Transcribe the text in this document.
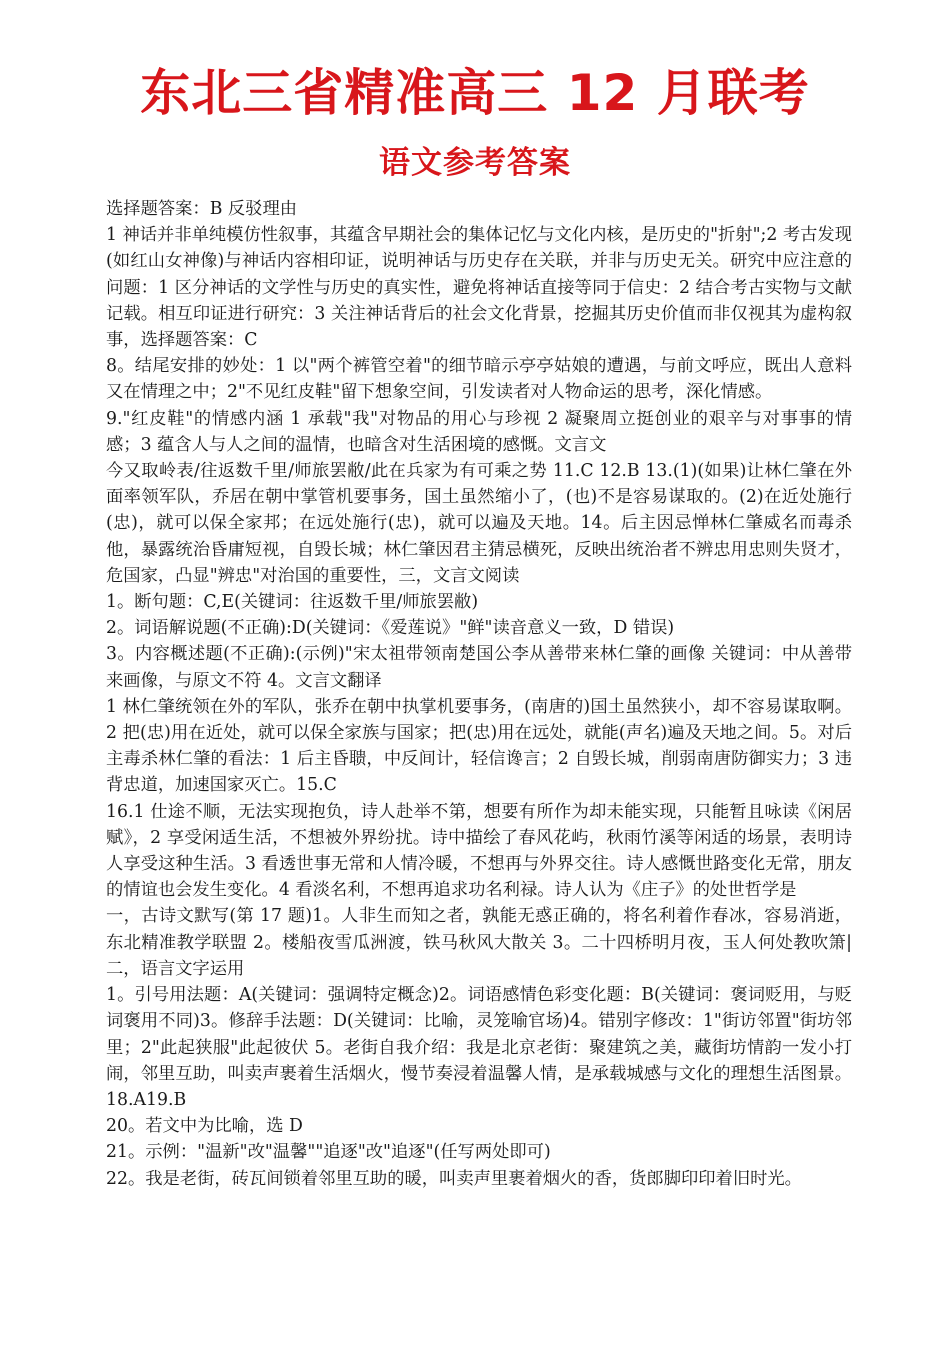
东北三省精准高三 12 月联考
语文参考答案

选择题答案：B 反驳理由

1 神话并非单纯模仿性叙事，其蕴含早期社会的集体记忆与文化内核，是历史的"折射";2 考古发现(如红山女神像)与神话内容相印证，说明神话与历史存在关联，并非与历史无关。研究中应注意的问题：1 区分神话的文学性与历史的真实性，避免将神话直接等同于信史：2 结合考古实物与文献记载。相互印证进行研究：3 关注神话背后的社会文化背景，挖掘其历史价值而非仅视其为虚构叙事，选择题答案：C

8。结尾安排的妙处：1 以"两个裤管空着"的细节暗示亭亭姑娘的遭遇，与前文呼应，既出人意料又在情理之中；2"不见红皮鞋"留下想象空间，引发读者对人物命运的思考，深化情感。

9."红皮鞋"的情感内涵 1 承载"我"对物品的用心与珍视 2 凝聚周立挺创业的艰辛与对事事的情感；3 蕴含人与人之间的温情，也暗含对生活困境的感慨。文言文

今又取岭表/往返数千里/师旅罢敝/此在兵家为有可乘之势 11.C 12.B 13.(1)(如果)让林仁肇在外面率领军队，乔居在朝中掌管机要事务，国土虽然缩小了，(也)不是容易谋取的。(2)在近处施行(忠)，就可以保全家邦；在远处施行(忠)，就可以遍及天地。14。后主因忌惮林仁肇威名而毒杀他，暴露统治昏庸短视，自毁长城；林仁肇因君主猜忌横死，反映出统治者不辨忠用忠则失贤才，危国家，凸显"辨忠"对治国的重要性，三，文言文阅读

1。断句题：C,E(关键词：往返数千里/师旅罢敝)

2。词语解说题(不正确):D(关键词：《爱莲说》"鲜"读音意义一致，D 错误)

3。内容概述题(不正确):(示例)"宋太祖带领南楚国公李从善带来林仁肇的画像 关键词：中从善带来画像，与原文不符 4。文言文翻译

1 林仁肇统领在外的军队，张乔在朝中执掌机要事务，(南唐的)国土虽然狭小，却不容易谋取啊。2 把(忠)用在近处，就可以保全家族与国家；把(忠)用在远处，就能(声名)遍及天地之间。5。对后主毒杀林仁肇的看法：1 后主昏聩，中反间计，轻信谗言；2 自毁长城，削弱南唐防御实力；3 违背忠道，加速国家灭亡。15.C

16.1 仕途不顺，无法实现抱负，诗人赴举不第，想要有所作为却未能实现，只能暂且咏读《闲居赋》，2 享受闲适生活，不想被外界纷扰。诗中描绘了春风花屿，秋雨竹溪等闲适的场景，表明诗人享受这种生活。3 看透世事无常和人情冷暖，不想再与外界交往。诗人感慨世路变化无常，朋友的情谊也会发生变化。4 看淡名利，不想再追求功名利禄。诗人认为《庄子》的处世哲学是

一，古诗文默写(第 17 题)1。人非生而知之者，孰能无惑正确的，将名利着作春冰，容易消逝，东北精准教学联盟 2。楼船夜雪瓜洲渡，铁马秋风大散关 3。二十四桥明月夜，玉人何处教吹箫|二，语言文字运用

1。引号用法题：A(关键词：强调特定概念)2。词语感情色彩变化题：B(关键词：褒词贬用，与贬词褒用不同)3。修辞手法题：D(关键词：比喻，灵笼喻官场)4。错别字修改：1"街访邻置"街坊邻里；2"此起狭服"此起彼伏 5。老街自我介绍：我是北京老街：聚建筑之美，藏街坊情韵一发小打闹，邻里互助，叫卖声裹着生活烟火，慢节奏浸着温馨人情，是承载城感与文化的理想生活图景。18.A19.B

20。若文中为比喻，选 D

21。示例："温新"改"温馨""追逐"改"追逐"(任写两处即可)

22。我是老街，砖瓦间锁着邻里互助的暖，叫卖声里裹着烟火的香，货郎脚印印着旧时光。
